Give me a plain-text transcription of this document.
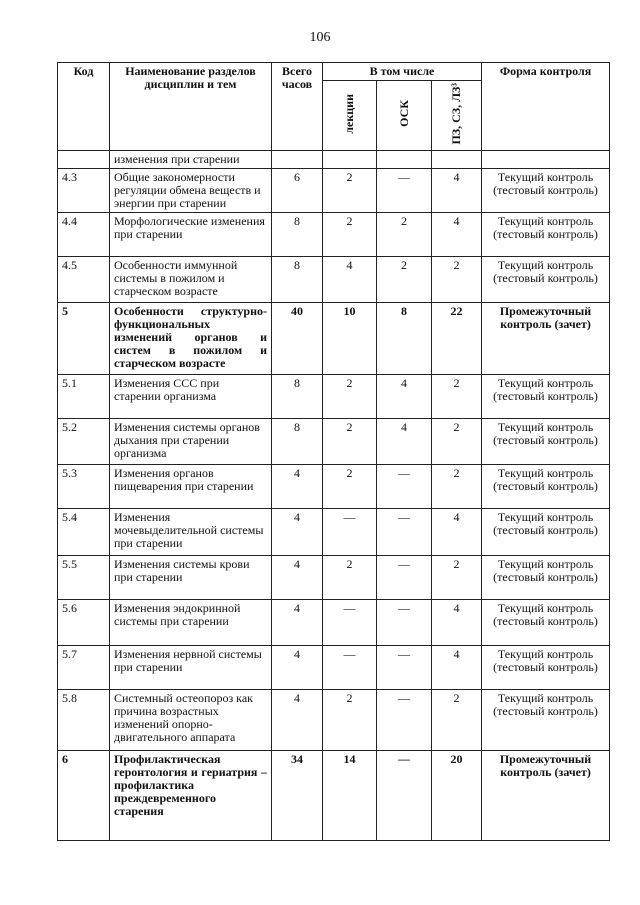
106
Код	Наименование разделов дисциплин и тем	Всего часов	В том числе			Форма контроля
			лекции	ОСК	ПЗ, СЗ, ЛЗ³	
	изменения при старении					
4.3	Общие закономерности регуляции обмена веществ и энергии при старении	6	2	—	4	Текущий контроль (тестовый контроль)
4.4	Морфологические изменения при старении	8	2	2	4	Текущий контроль (тестовый контроль)
4.5	Особенности иммунной системы в пожилом и старческом возрасте	8	4	2	2	Текущий контроль (тестовый контроль)
5	Особенности структурно-функциональных изменений органов и систем в пожилом и старческом возрасте	40	10	8	22	Промежуточный контроль (зачет)
5.1	Изменения ССС при старении организма	8	2	4	2	Текущий контроль (тестовый контроль)
5.2	Изменения системы органов дыхания при старении организма	8	2	4	2	Текущий контроль (тестовый контроль)
5.3	Изменения органов пищеварения при старении	4	2	—	2	Текущий контроль (тестовый контроль)
5.4	Изменения мочевыделительной системы при старении	4	—	—	4	Текущий контроль (тестовый контроль)
5.5	Изменения системы крови при старении	4	2	—	2	Текущий контроль (тестовый контроль)
5.6	Изменения эндокринной системы при старении	4	—	—	4	Текущий контроль (тестовый контроль)
5.7	Изменения нервной системы при старении	4	—	—	4	Текущий контроль (тестовый контроль)
5.8	Системный остеопороз как причина возрастных изменений опорно-двигательного аппарата	4	2	—	2	Текущий контроль (тестовый контроль)
6	Профилактическая геронтология и гериатрия – профилактика преждевременного старения	34	14	—	20	Промежуточный контроль (зачет)
